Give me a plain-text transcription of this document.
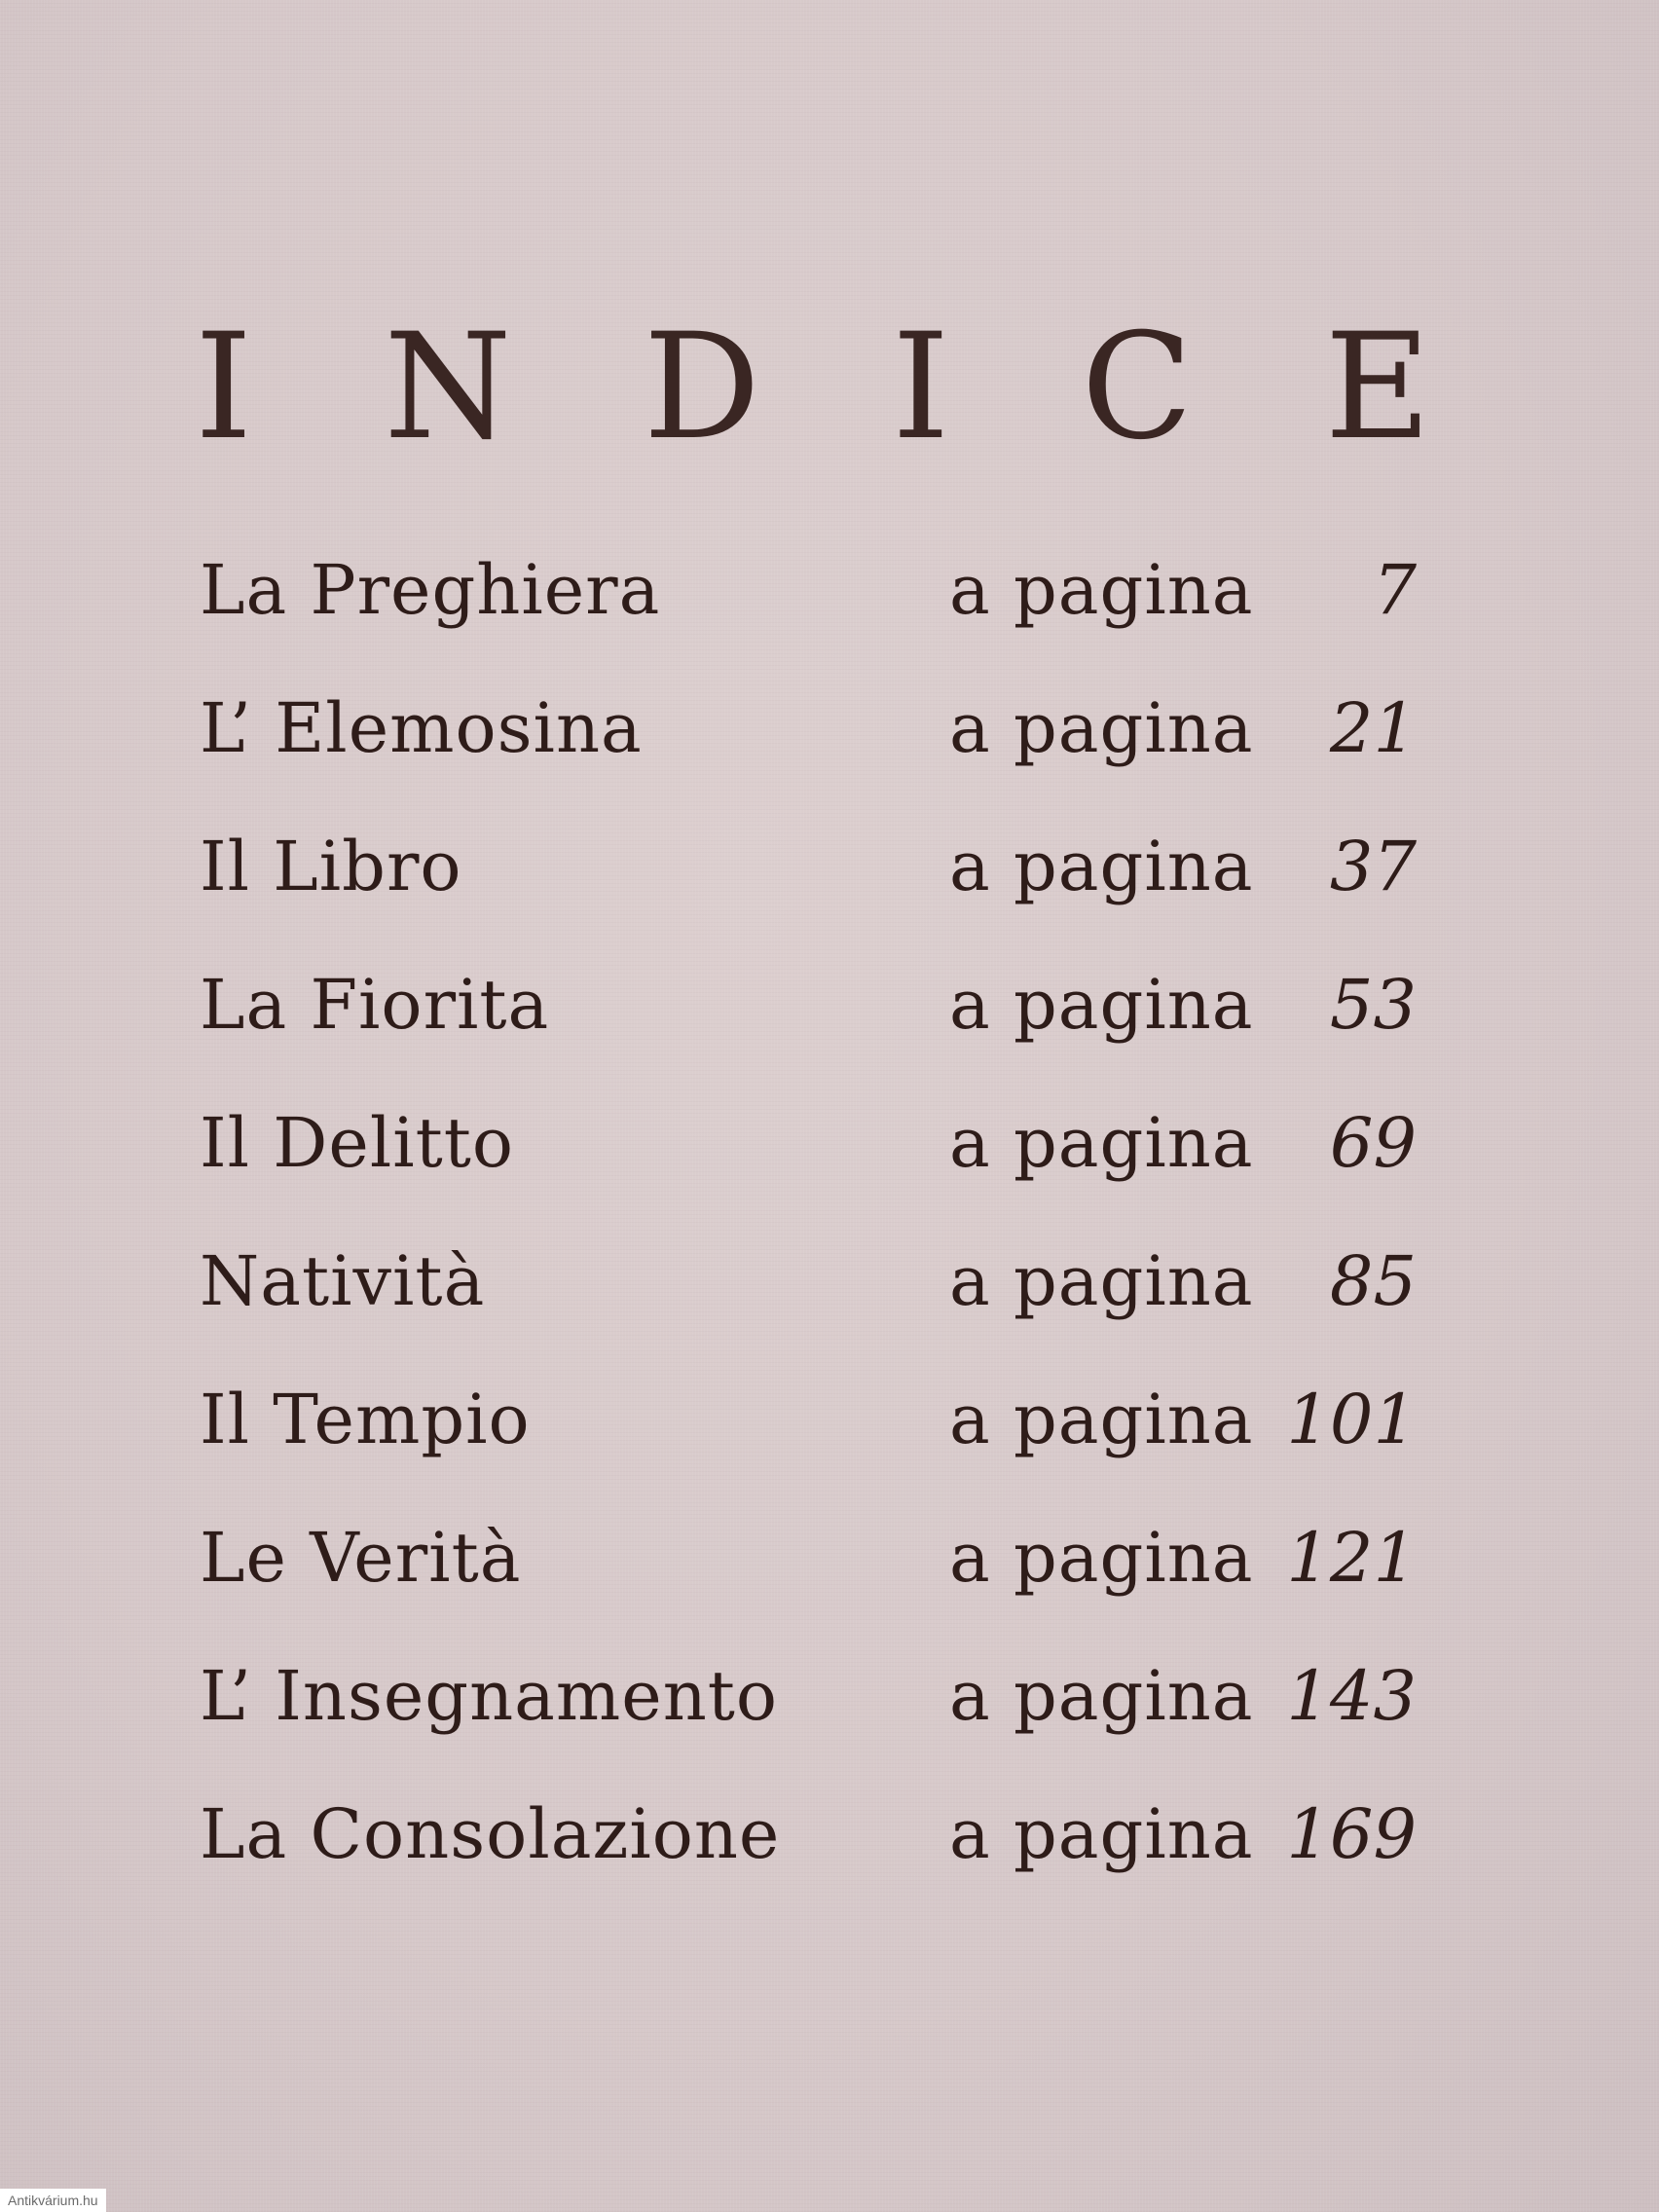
I N D I C E
La Preghiera	a pagina	7
L’ Elemosina	a pagina	21
Il Libro	a pagina	37
La Fiorita	a pagina	53
Il Delitto	a pagina	69
Natività	a pagina	85
Il Tempio	a pagina 101
Le Verità	a pagina 121
L’ Insegnamento	a pagina 143
La Consolazione	a pagina 169
Antikvárium.hu
